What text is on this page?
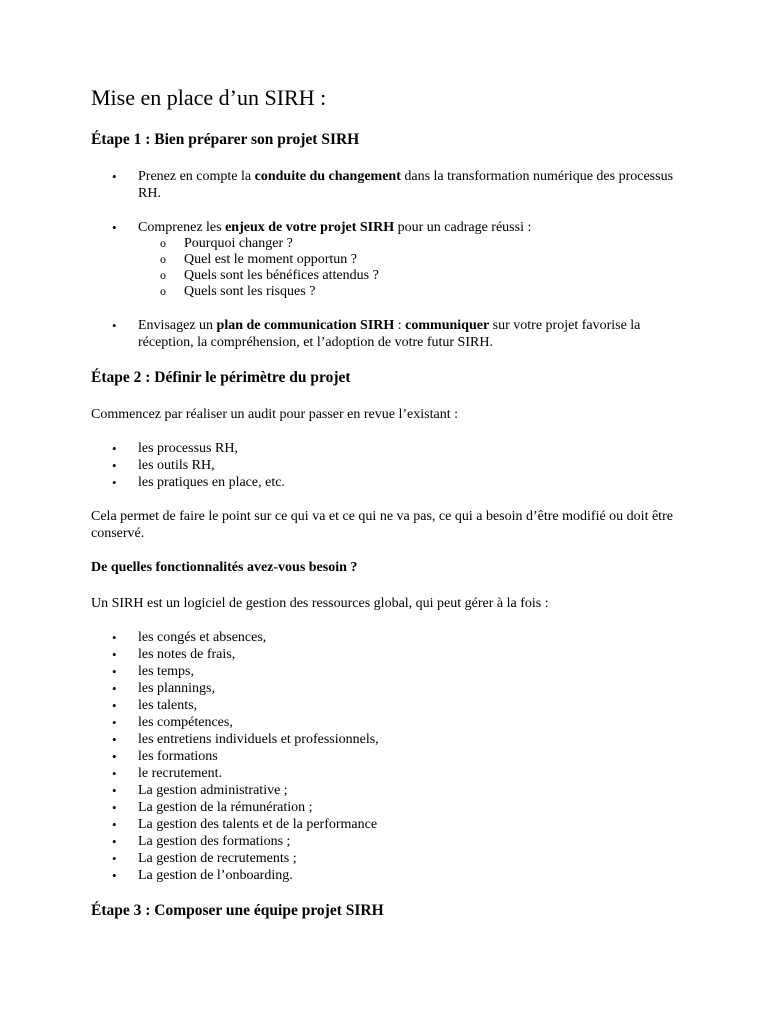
Mise en place d’un SIRH :
Étape 1 : Bien préparer son projet SIRH
• Prenez en compte la conduite du changement dans la transformation numérique des processus RH.
• Comprenez les enjeux de votre projet SIRH pour un cadrage réussi :
o Pourquoi changer ?
o Quel est le moment opportun ?
o Quels sont les bénéfices attendus ?
o Quels sont les risques ?
• Envisagez un plan de communication SIRH : communiquer sur votre projet favorise la réception, la compréhension, et l’adoption de votre futur SIRH.
Étape 2 : Définir le périmètre du projet

Commencez par réaliser un audit pour passer en revue l’existant :

• les processus RH,
• les outils RH,
• les pratiques en place, etc.

Cela permet de faire le point sur ce qui va et ce qui ne va pas, ce qui a besoin d’être modifié ou doit être conservé.

De quelles fonctionnalités avez-vous besoin ?

Un SIRH est un logiciel de gestion des ressources global, qui peut gérer à la fois :

• les congés et absences,
• les notes de frais,
• les temps,
• les plannings,
• les talents,
• les compétences,
• les entretiens individuels et professionnels,
• les formations
• le recrutement.
• La gestion administrative ;
• La gestion de la rémunération ;
• La gestion des talents et de la performance
• La gestion des formations ;
• La gestion de recrutements ;
• La gestion de l’onboarding.
Étape 3 : Composer une équipe projet SIRH
